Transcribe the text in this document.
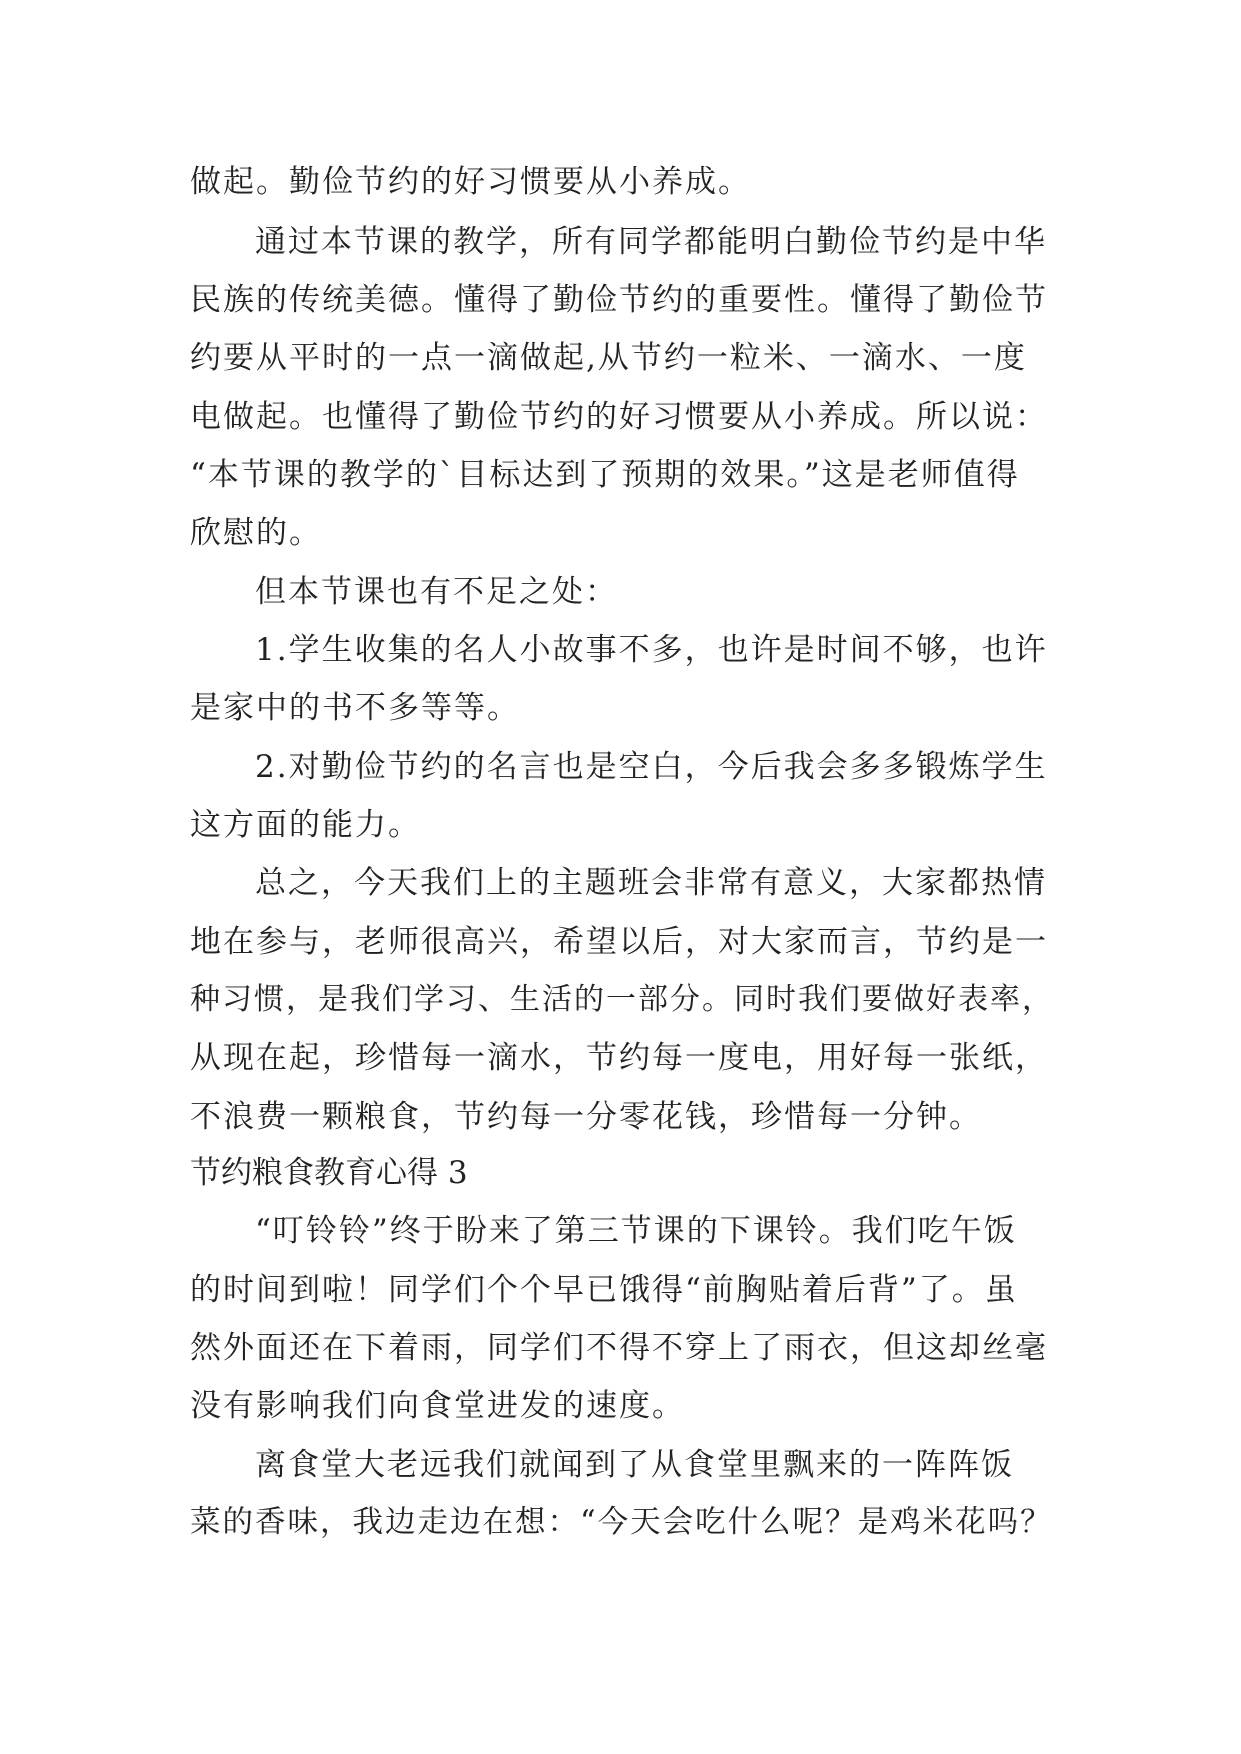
做起。勤俭节约的好习惯要从小养成。
通过本节课的教学，所有同学都能明白勤俭节约是中华
民族的传统美德。懂得了勤俭节约的重要性。懂得了勤俭节
约要从平时的一点一滴做起,从节约一粒米、一滴水、一度
电做起。也懂得了勤俭节约的好习惯要从小养成。所以说：
“本节课的教学的`目标达到了预期的效果。”这是老师值得
欣慰的。
但本节课也有不足之处：
1.学生收集的名人小故事不多，也许是时间不够，也许
是家中的书不多等等。
2.对勤俭节约的名言也是空白，今后我会多多锻炼学生
这方面的能力。
总之，今天我们上的主题班会非常有意义，大家都热情
地在参与，老师很高兴，希望以后，对大家而言，节约是一
种习惯，是我们学习、生活的一部分。同时我们要做好表率，
从现在起，珍惜每一滴水，节约每一度电，用好每一张纸，
不浪费一颗粮食，节约每一分零花钱，珍惜每一分钟。
节约粮食教育心得 3
“叮铃铃”终于盼来了第三节课的下课铃。我们吃午饭
的时间到啦！同学们个个早已饿得“前胸贴着后背”了。虽
然外面还在下着雨，同学们不得不穿上了雨衣，但这却丝毫
没有影响我们向食堂进发的速度。
离食堂大老远我们就闻到了从食堂里飘来的一阵阵饭
菜的香味，我边走边在想：“今天会吃什么呢？是鸡米花吗？
